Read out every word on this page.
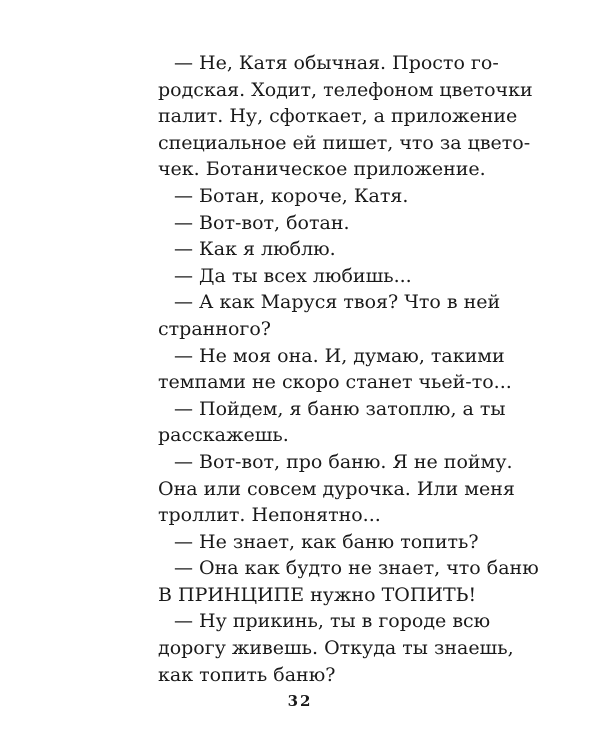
— Не, Катя обычная. Просто го-
родская. Ходит, телефоном цветочки
палит. Ну, сфоткает, а приложение
специальное ей пишет, что за цвето-
чек. Ботаническое приложение.
— Ботан, короче, Катя.
— Вот-вот, ботан.
— Как я люблю.
— Да ты всех любишь...
— А как Маруся твоя? Что в ней
странного?
— Не моя она. И, думаю, такими
темпами не скоро станет чьей-то...
— Пойдем, я баню затоплю, а ты
расскажешь.
— Вот-вот, про баню. Я не пойму.
Она или совсем дурочка. Или меня
троллит. Непонятно...
— Не знает, как баню топить?
— Она как будто не знает, что баню
В ПРИНЦИПЕ нужно ТОПИТЬ!
— Ну прикинь, ты в городе всю
дорогу живешь. Откуда ты знаешь,
как топить баню?
32
